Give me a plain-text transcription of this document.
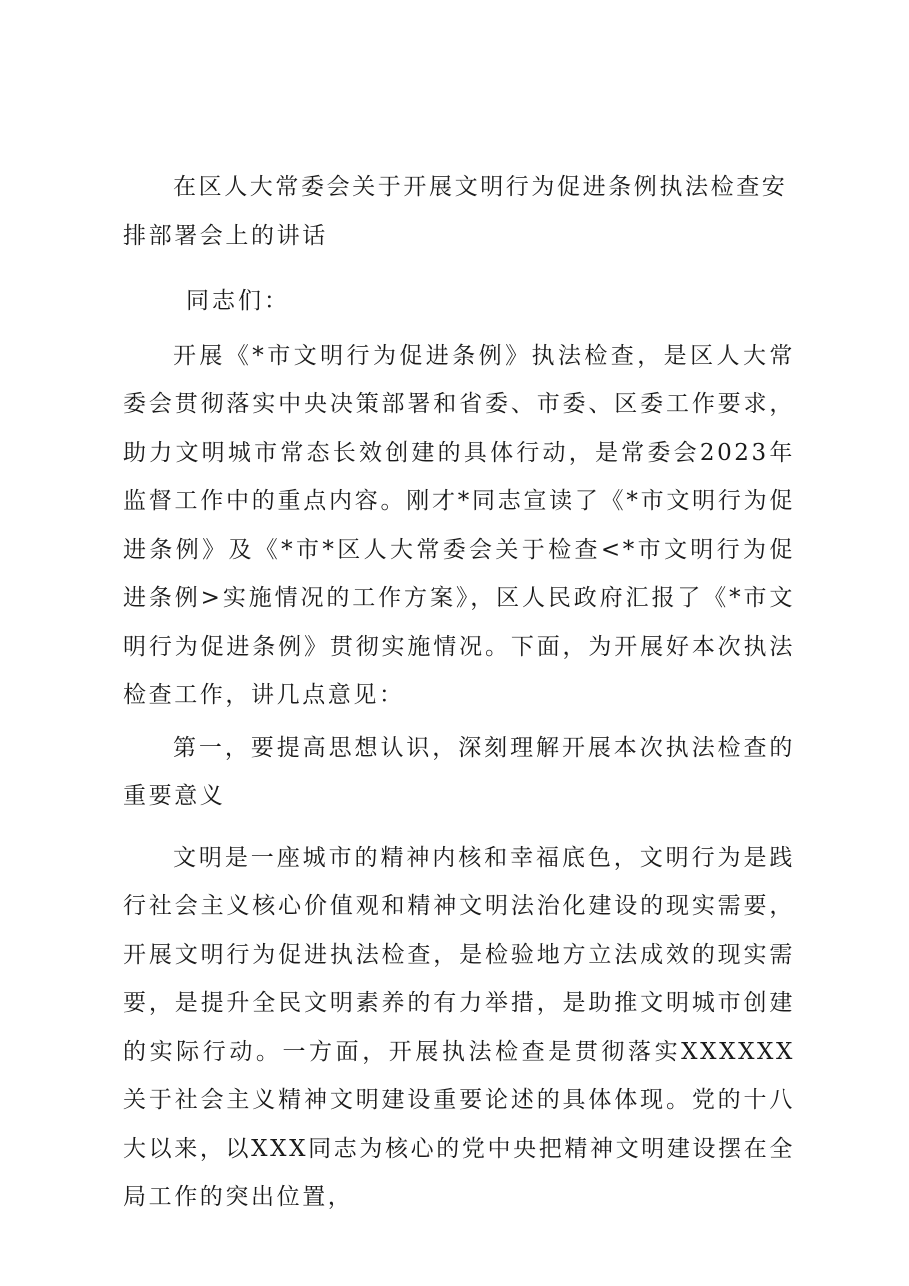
在区人大常委会关于开展文明行为促进条例执法检查安排部署会上的讲话

同志们：

开展《*市文明行为促进条例》执法检查，是区人大常委会贯彻落实中央决策部署和省委、市委、区委工作要求，助力文明城市常态长效创建的具体行动，是常委会2023年监督工作中的重点内容。刚才*同志宣读了《*市文明行为促进条例》及《*市*区人大常委会关于检查<*市文明行为促进条例>实施情况的工作方案》，区人民政府汇报了《*市文明行为促进条例》贯彻实施情况。下面，为开展好本次执法检查工作，讲几点意见：

第一，要提高思想认识，深刻理解开展本次执法检查的重要意义

文明是一座城市的精神内核和幸福底色，文明行为是践行社会主义核心价值观和精神文明法治化建设的现实需要，开展文明行为促进执法检查，是检验地方立法成效的现实需要，是提升全民文明素养的有力举措，是助推文明城市创建的实际行动。一方面，开展执法检查是贯彻落实XXXXXX关于社会主义精神文明建设重要论述的具体体现。党的十八大以来，以XXX同志为核心的党中央把精神文明建设摆在全局工作的突出位置，
